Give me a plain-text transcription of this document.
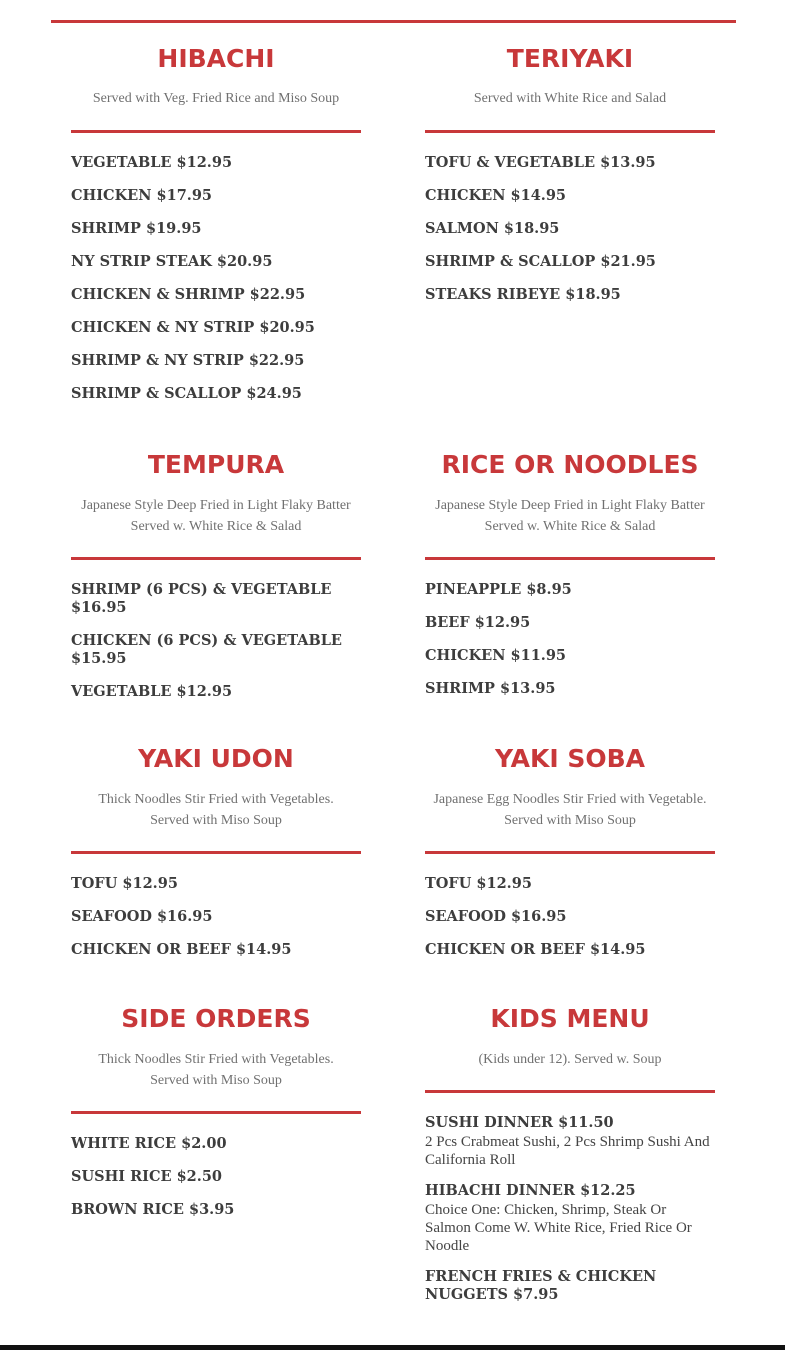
HIBACHI

Served with Veg. Fried Rice and Miso Soup

VEGETABLE $12.95

CHICKEN $17.95

SHRIMP $19.95

NY STRIP STEAK $20.95

CHICKEN & SHRIMP $22.95

CHICKEN & NY STRIP $20.95

SHRIMP & NY STRIP $22.95

SHRIMP & SCALLOP $24.95

TERIYAKI

Served with White Rice and Salad

TOFU & VEGETABLE $13.95

CHICKEN $14.95

SALMON $18.95

SHRIMP & SCALLOP $21.95

STEAKS RIBEYE $18.95

TEMPURA

Japanese Style Deep Fried in Light Flaky Batter

Served w. White Rice & Salad

SHRIMP (6 PCS) & VEGETABLE $16.95

CHICKEN (6 PCS) & VEGETABLE $15.95

VEGETABLE $12.95

RICE OR NOODLES

Japanese Style Deep Fried in Light Flaky Batter

Served w. White Rice & Salad

PINEAPPLE $8.95

BEEF $12.95

CHICKEN $11.95

SHRIMP $13.95

YAKI UDON

Thick Noodles Stir Fried with Vegetables.

Served with Miso Soup

TOFU $12.95

SEAFOOD $16.95

CHICKEN OR BEEF $14.95

YAKI SOBA

Japanese Egg Noodles Stir Fried with Vegetable.

Served with Miso Soup

TOFU $12.95

SEAFOOD $16.95

CHICKEN OR BEEF $14.95

SIDE ORDERS

Thick Noodles Stir Fried with Vegetables.

Served with Miso Soup

WHITE RICE $2.00

SUSHI RICE $2.50

BROWN RICE $3.95

KIDS MENU

(Kids under 12). Served w. Soup

SUSHI DINNER $11.50
2 Pcs Crabmeat Sushi, 2 Pcs Shrimp Sushi And California Roll

HIBACHI DINNER $12.25
Choice One: Chicken, Shrimp, Steak Or Salmon Come W. White Rice, Fried Rice Or Noodle

FRENCH FRIES & CHICKEN NUGGETS $7.95
